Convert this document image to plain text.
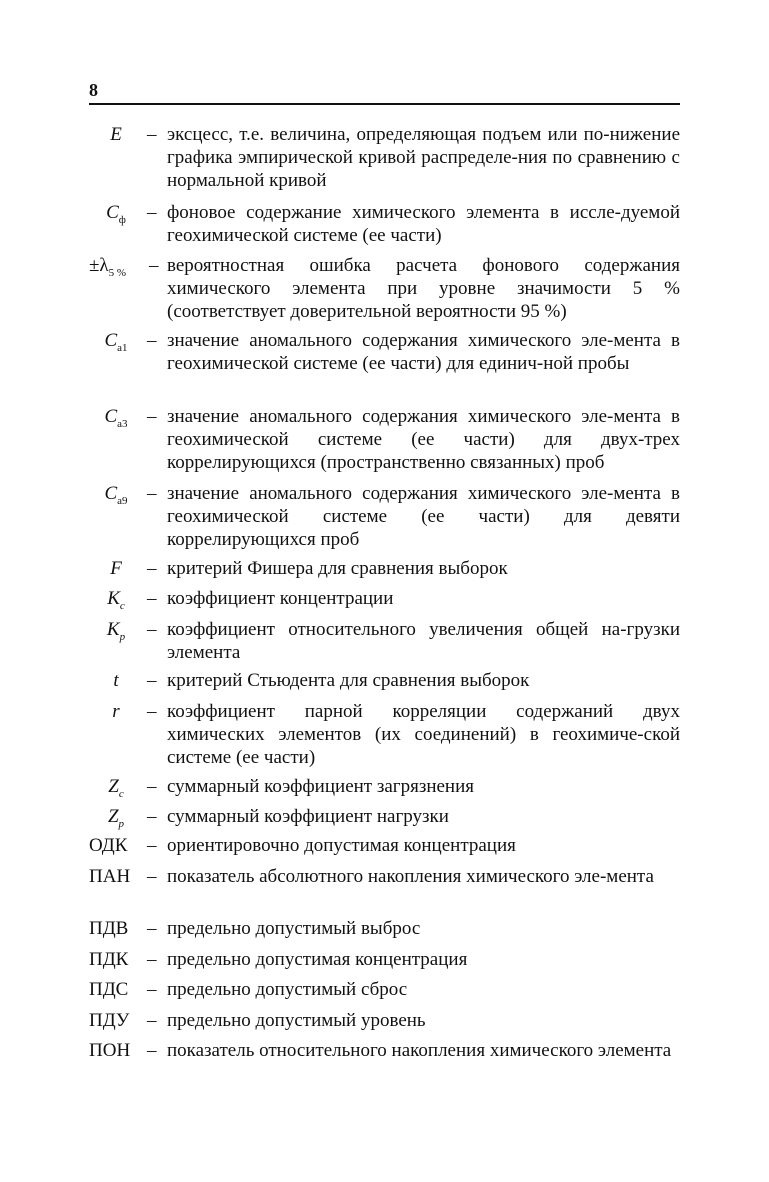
8
E	– эксцесс, т.е. величина, определяющая подъем или по-нижение графика эмпирической кривой распределе-ния по сравнению с нормальной кривой
$C_ф$	– фоновое содержание химического элемента в иссле-дуемой геохимической системе (ее части)
$\pm\lambda_{5 \%}$ – вероятностная ошибка расчета фонового содержания химического элемента при уровне значимости 5 % (соответствует доверительной вероятности 95 %)
$C_{а1}$	– значение аномального содержания химического эле-мента в геохимической системе (ее части) для единич-ной пробы
$C_{а3}$	– значение аномального содержания химического эле-мента в геохимической системе (ее части) для двух-трех коррелирующихся (пространственно связанных) проб
$C_{а9}$	– значение аномального содержания химического эле-мента в геохимической системе (ее части) для девяти коррелирующихся проб
F	– критерий Фишера для сравнения выборок
$K_c$	– коэффициент концентрации
$K_p$	– коэффициент относительного увеличения общей на-грузки элемента
t	– критерий Стьюдента для сравнения выборок
r	– коэффициент парной корреляции содержаний двух химических элементов (их соединений) в геохимиче-ской системе (ее части)
$Z_c$	– суммарный коэффициент загрязнения
$Z_p$	– суммарный коэффициент нагрузки
ОДК – ориентировочно допустимая концентрация
ПАН – показатель абсолютного накопления химического эле-мента
ПДВ – предельно допустимый выброс
ПДК – предельно допустимая концентрация
ПДС – предельно допустимый сброс
ПДУ – предельно допустимый уровень
ПОН – показатель относительного накопления химического элемента
